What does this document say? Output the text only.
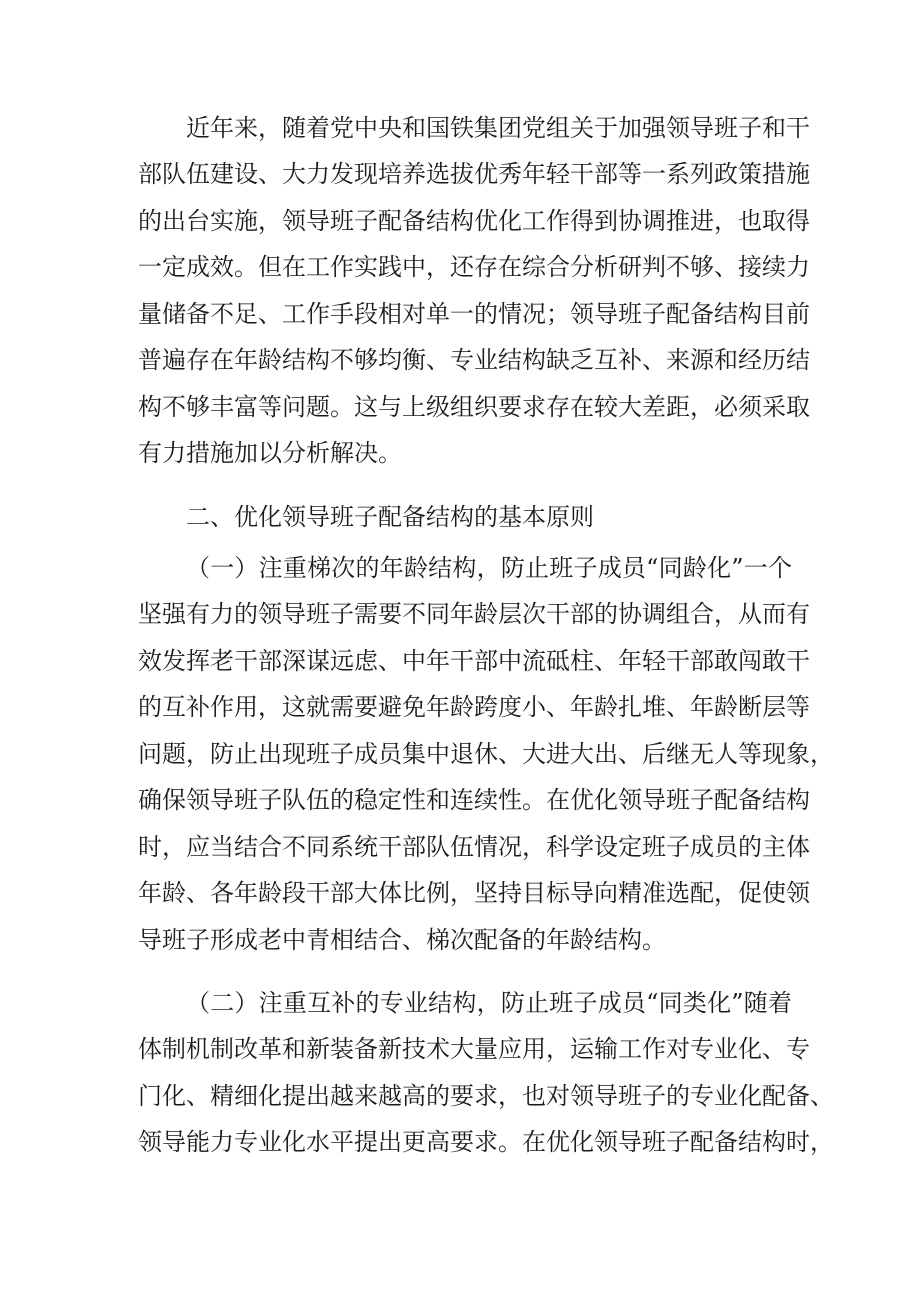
近年来，随着党中央和国铁集团党组关于加强领导班子和干
部队伍建设、大力发现培养选拔优秀年轻干部等一系列政策措施
的出台实施，领导班子配备结构优化工作得到协调推进，也取得
一定成效。但在工作实践中，还存在综合分析研判不够、接续力
量储备不足、工作手段相对单一的情况；领导班子配备结构目前
普遍存在年龄结构不够均衡、专业结构缺乏互补、来源和经历结
构不够丰富等问题。这与上级组织要求存在较大差距，必须采取
有力措施加以分析解决。
二、优化领导班子配备结构的基本原则
（一）注重梯次的年龄结构，防止班子成员“同龄化”一个
坚强有力的领导班子需要不同年龄层次干部的协调组合，从而有
效发挥老干部深谋远虑、中年干部中流砥柱、年轻干部敢闯敢干
的互补作用，这就需要避免年龄跨度小、年龄扎堆、年龄断层等
问题，防止出现班子成员集中退休、大进大出、后继无人等现象，
确保领导班子队伍的稳定性和连续性。在优化领导班子配备结构
时，应当结合不同系统干部队伍情况，科学设定班子成员的主体
年龄、各年龄段干部大体比例，坚持目标导向精准选配，促使领
导班子形成老中青相结合、梯次配备的年龄结构。
（二）注重互补的专业结构，防止班子成员“同类化”随着
体制机制改革和新装备新技术大量应用，运输工作对专业化、专
门化、精细化提出越来越高的要求，也对领导班子的专业化配备、
领导能力专业化水平提出更高要求。在优化领导班子配备结构时，
